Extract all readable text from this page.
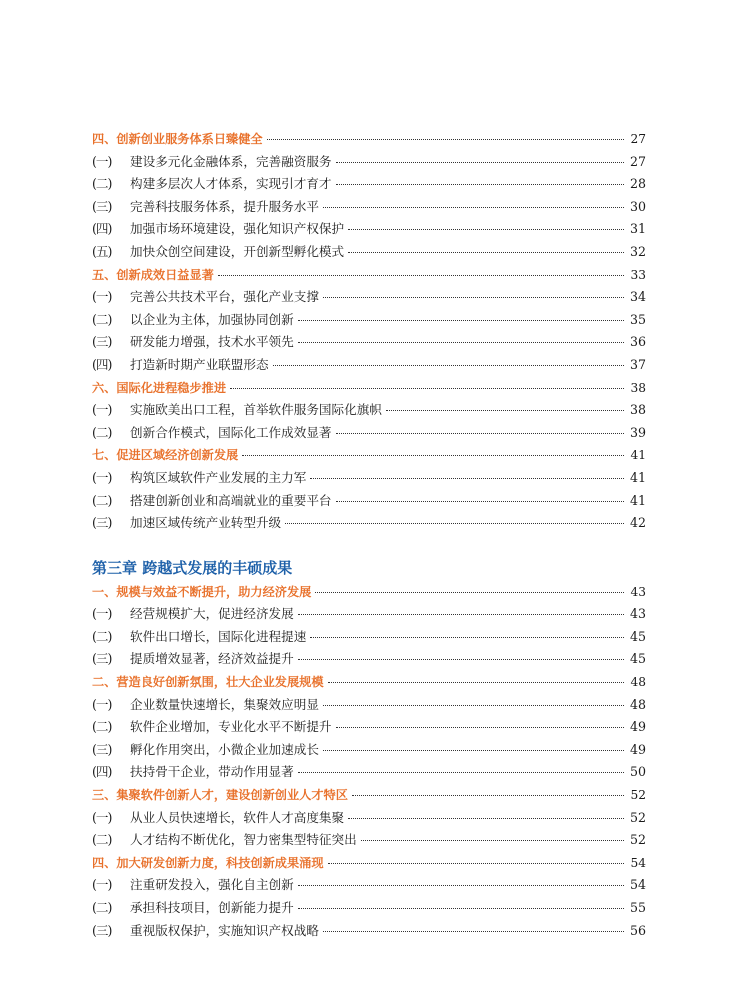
四、创新创业服务体系日臻健全	27
(一)	建设多元化金融体系，完善融资服务	27
(二)	构建多层次人才体系，实现引才育才	28
(三)	完善科技服务体系，提升服务水平	30
(四)	加强市场环境建设，强化知识产权保护	31
(五)	加快众创空间建设，开创新型孵化模式	32
五、创新成效日益显著	33
(一)	完善公共技术平台，强化产业支撑	34
(二)	以企业为主体，加强协同创新	35
(三)	研发能力增强，技术水平领先	36
(四)	打造新时期产业联盟形态	37
六、国际化进程稳步推进	38
(一)	实施欧美出口工程，首举软件服务国际化旗帜	38
(二)	创新合作模式，国际化工作成效显著	39
七、促进区域经济创新发展	41
(一)	构筑区域软件产业发展的主力军	41
(二)	搭建创新创业和高端就业的重要平台	41
(三)	加速区域传统产业转型升级	42
第三章 跨越式发展的丰硕成果
一、规模与效益不断提升，助力经济发展	43
(一)	经营规模扩大，促进经济发展	43
(二)	软件出口增长，国际化进程提速	45
(三)	提质增效显著，经济效益提升	45
二、营造良好创新氛围，壮大企业发展规模	48
(一)	企业数量快速增长，集聚效应明显	48
(二)	软件企业增加，专业化水平不断提升	49
(三)	孵化作用突出，小微企业加速成长	49
(四)	扶持骨干企业，带动作用显著	50
三、集聚软件创新人才，建设创新创业人才特区	52
(一)	从业人员快速增长，软件人才高度集聚	52
(二)	人才结构不断优化，智力密集型特征突出	52
四、加大研发创新力度，科技创新成果涌现	54
(一)	注重研发投入，强化自主创新	54
(二)	承担科技项目，创新能力提升	55
(三)	重视版权保护，实施知识产权战略	56
